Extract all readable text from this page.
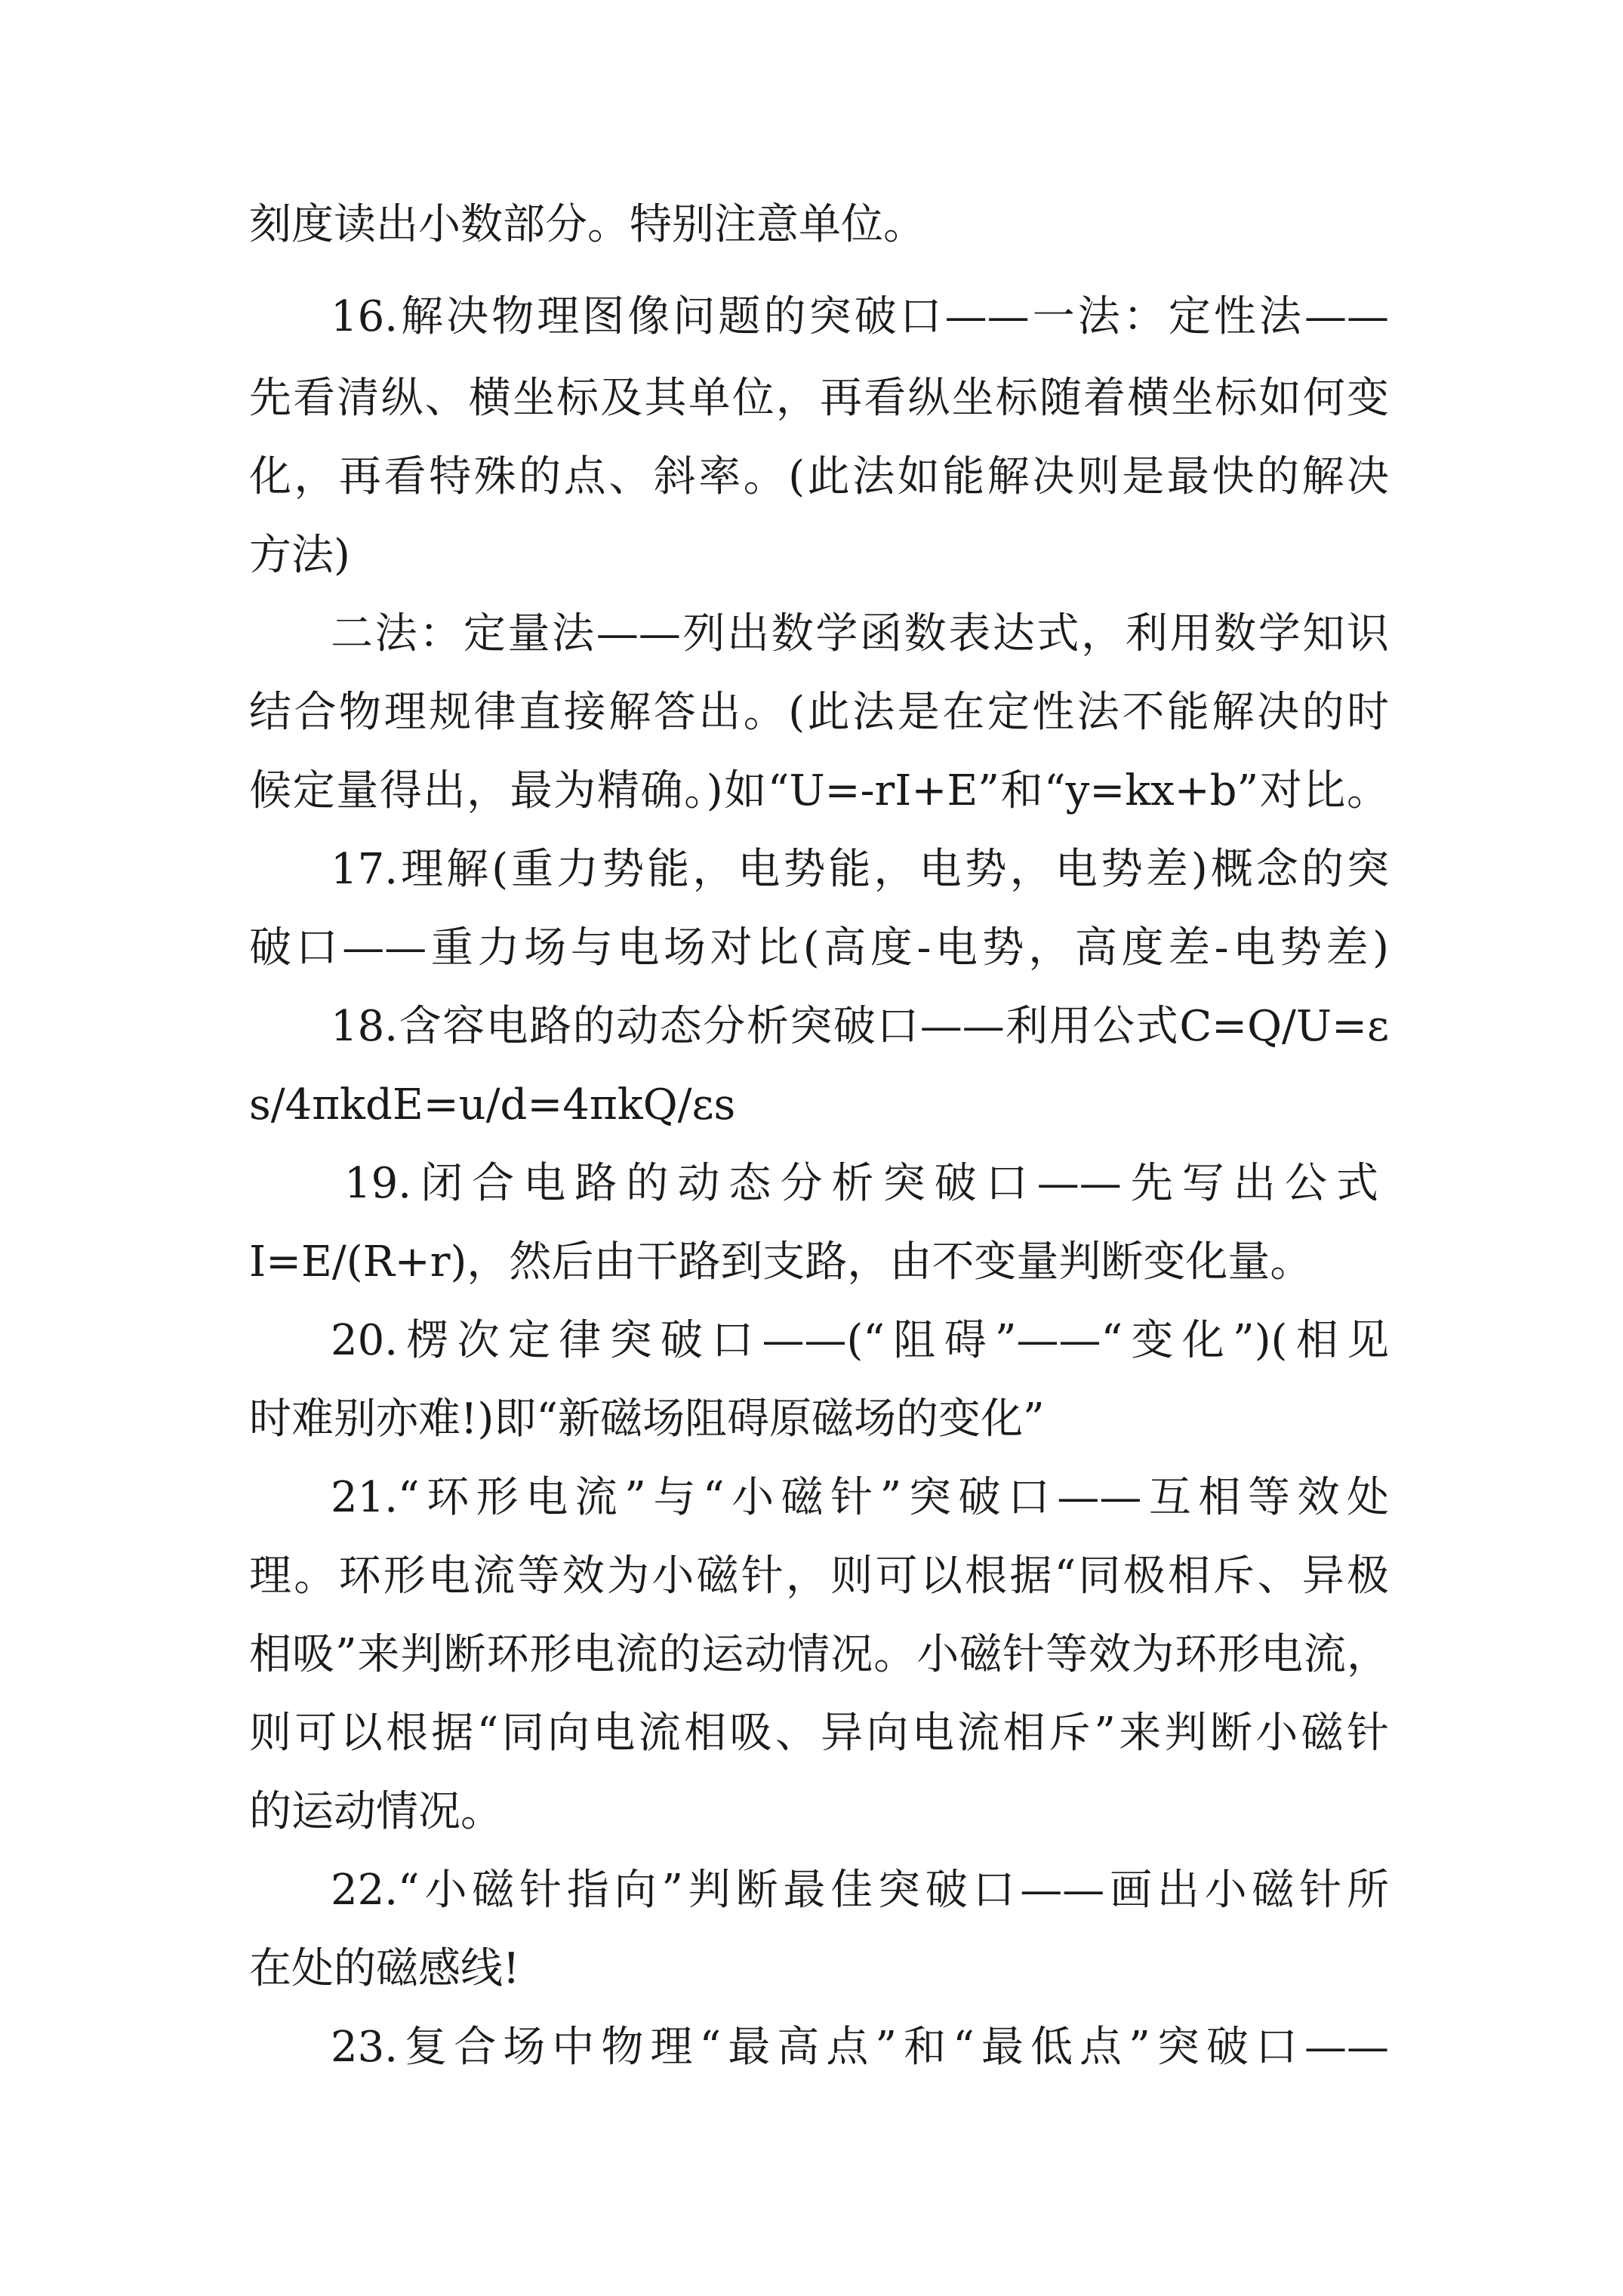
刻度读出小数部分。特别注意单位。
16.解决物理图像问题的突破口——一法：定性法——
先看清纵、横坐标及其单位，再看纵坐标随着横坐标如何变
化，再看特殊的点、斜率。(此法如能解决则是最快的解决
方法)
二法：定量法——列出数学函数表达式，利用数学知识
结合物理规律直接解答出。(此法是在定性法不能解决的时
候定量得出，最为精确。)如“U=-rI+E”和“y=kx+b”对比。
17.理解(重力势能，电势能，电势，电势差)概念的突
破口——重力场与电场对比(高度-电势，高度差-电势差)
18.含容电路的动态分析突破口——利用公式C=Q/U=ε
s/4πkdE=u/d=4πkQ/εs
19.闭合电路的动态分析突破口——先写出公式
I=E/(R+r)，然后由干路到支路，由不变量判断变化量。
20.楞次定律突破口——(“阻碍”——“变化”)(相见
时难别亦难!)即“新磁场阻碍原磁场的变化”
21.“环形电流”与“小磁针”突破口——互相等效处
理。环形电流等效为小磁针，则可以根据“同极相斥、异极
相吸”来判断环形电流的运动情况。小磁针等效为环形电流，
则可以根据“同向电流相吸、异向电流相斥”来判断小磁针
的运动情况。
22.“小磁针指向”判断最佳突破口——画出小磁针所
在处的磁感线!
23.复合场中物理“最高点”和“最低点”突破口——
